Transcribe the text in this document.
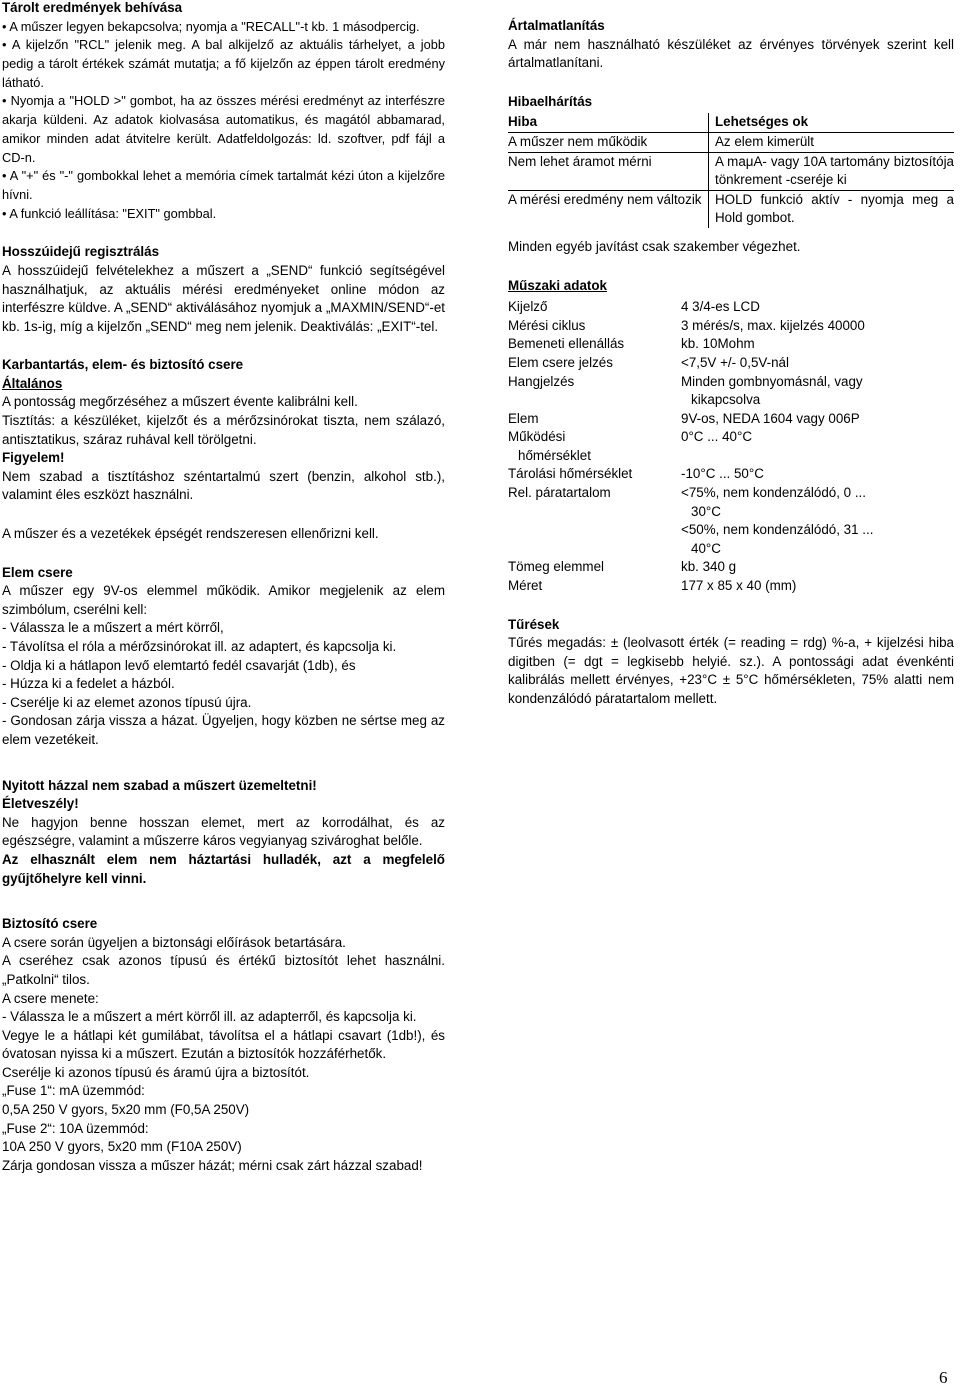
Tárolt eredmények behívása

• A műszer legyen bekapcsolva; nyomja a "RECALL"-t kb. 1 másodpercig.

• A kijelzőn "RCL" jelenik meg. A bal alkijelző az aktuális tárhelyet, a jobb pedig a tárolt értékek számát mutatja; a fő kijelzőn az éppen tárolt eredmény látható.

• Nyomja a "HOLD >" gombot, ha az összes mérési eredményt az interfészre akarja küldeni. Az adatok kiolvasása automatikus, és magától abbamarad, amikor minden adat átvitelre került. Adatfeldolgozás: ld. szoftver, pdf fájl a CD-n.

• A "+" és "-" gombokkal lehet a memória címek tartalmát kézi úton a kijelzőre hívni.

• A funkció leállítása: "EXIT" gombbal.

Hosszúidejű regisztrálás

A hosszúidejű felvételekhez a műszert a „SEND“ funkció segítségével használhatjuk, az aktuális mérési eredményeket online módon az interfészre küldve. A „SEND“ aktiválásához nyomjuk a „MAXMIN/SEND“-et kb. 1s-ig, míg a kijelzőn „SEND“ meg nem jelenik. Deaktiválás: „EXIT“-tel.

Karbantartás, elem- és biztosító csere

Általános

A pontosság megőrzéséhez a műszert évente kalibrálni kell.

Tisztítás: a készüléket, kijelzőt és a mérőzsinórokat tiszta, nem szálazó, antisztatikus, száraz ruhával kell törölgetni.

Figyelem!

Nem szabad a tisztításhoz széntartalmú szert (benzin, alkohol stb.), valamint éles eszközt használni.

A műszer és a vezetékek épségét rendszeresen ellenőrizni kell.

Elem csere

A műszer egy 9V-os elemmel működik. Amikor megjelenik az elem szimbólum, cserélni kell:

- Válassza le a műszert a mért körről,

- Távolítsa el róla a mérőzsinórokat ill. az adaptert, és kapcsolja ki.

- Oldja ki a hátlapon levő elemtartó fedél csavarját (1db), és

- Húzza ki a fedelet a házból.

- Cserélje ki az elemet azonos típusú újra.

- Gondosan zárja vissza a házat. Ügyeljen, hogy közben ne sértse meg az elem vezetékeit.

Nyitott házzal nem szabad a műszert üzemeltetni!

Életveszély!

Ne hagyjon benne hosszan elemet, mert az korrodálhat, és az egészségre, valamint a műszerre káros vegyianyag szivároghat belőle.

Az elhasznált elem nem háztartási hulladék, azt a megfelelő gyűjtőhelyre kell vinni.

Biztosító csere

A csere során ügyeljen a biztonsági előírások betartására.

A cseréhez csak azonos típusú és értékű biztosítót lehet használni. „Patkolni“ tilos.

A csere menete:

- Válassza le a műszert a mért körről ill. az adapterről, és kapcsolja ki.

Vegye le a hátlapi két gumilábat, távolítsa el a hátlapi csavart (1db!), és óvatosan nyissa ki a műszert. Ezután a biztosítók hozzáférhetők.

Cserélje ki azonos típusú és áramú újra a biztosítót.

„Fuse 1“: mA üzemmód:

0,5A 250 V gyors, 5x20 mm (F0,5A 250V)

„Fuse 2“: 10A üzemmód:

10A 250 V gyors, 5x20 mm (F10A 250V)

Zárja gondosan vissza a műszer házát; mérni csak zárt házzal szabad!

Ártalmatlanítás

A már nem használható készüléket az érvényes törvények szerint kell ártalmatlanítani.

Hibaelhárítás

Hiba	Lehetséges ok
A műszer nem működik	Az elem kimerült
Nem lehet áramot mérni	A maμA- vagy 10A tartomány biztosítója tönkrement -cseréje ki
A mérési eredmény nem változik	HOLD funkció aktív - nyomja meg a Hold gombot.

Minden egyéb javítást csak szakember végezhet.

Műszaki adatok

Kijelző	4 3/4-es LCD
Mérési ciklus	3 mérés/s, max. kijelzés 40000
Bemeneti ellenállás	kb. 10Mohm
Elem csere jelzés	<7,5V +/- 0,5V-nál
Hangjelzés	Minden gombnyomásnál, vagy
kikapcsolva

Elem	9V-os, NEDA 1604 vagy 006P

Működési
hőmérséklet	0°C ... 40°C
Tárolási hőmérséklet	-10°C ... 50°C
Rel. páratartalom	<75%, nem kondenzálódó, 0 ...
30°C
<50%, nem kondenzálódó, 31 ...
40°C

Tömeg elemmel	kb. 340 g
Méret	177 x 85 x 40 (mm)

Tűrések

Tűrés megadás: ± (leolvasott érték (= reading = rdg) %-a, + kijelzési hiba digitben (= dgt = legkisebb helyié. sz.). A pontossági adat évenkénti kalibrálás mellett érvényes, +23°C ± 5°C hőmérsékleten, 75% alatti nem kondenzálódó páratartalom mellett.

6
